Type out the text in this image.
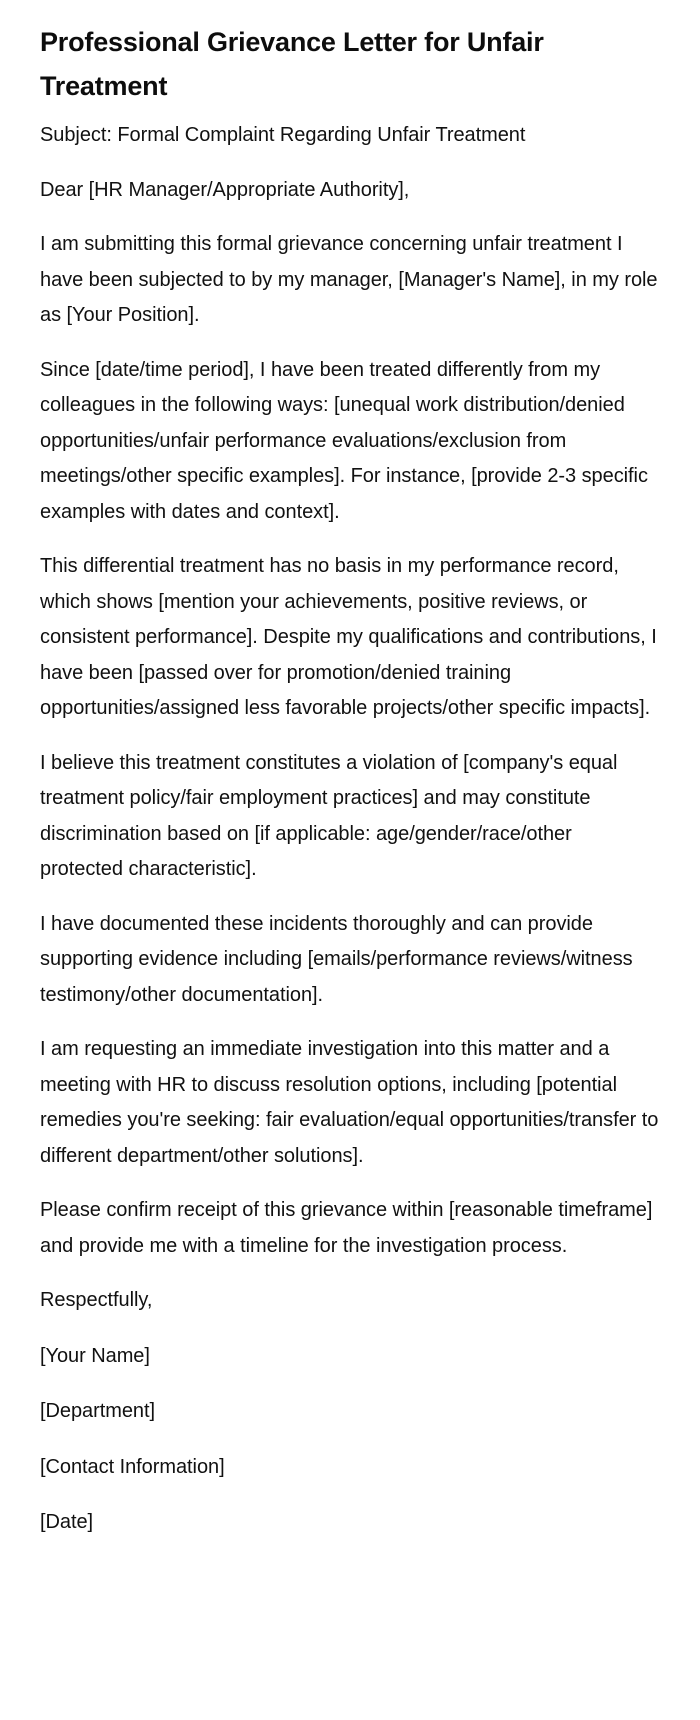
Professional Grievance Letter for Unfair Treatment

Subject: Formal Complaint Regarding Unfair Treatment

Dear [HR Manager/Appropriate Authority],

I am submitting this formal grievance concerning unfair treatment I have been subjected to by my manager, [Manager's Name], in my role as [Your Position].

Since [date/time period], I have been treated differently from my colleagues in the following ways: [unequal work distribution/denied opportunities/unfair performance evaluations/exclusion from meetings/other specific examples]. For instance, [provide 2-3 specific examples with dates and context].

This differential treatment has no basis in my performance record, which shows [mention your achievements, positive reviews, or consistent performance]. Despite my qualifications and contributions, I have been [passed over for promotion/denied training opportunities/assigned less favorable projects/other specific impacts].

I believe this treatment constitutes a violation of [company's equal treatment policy/fair employment practices] and may constitute discrimination based on [if applicable: age/gender/race/other protected characteristic].

I have documented these incidents thoroughly and can provide supporting evidence including [emails/performance reviews/witness testimony/other documentation].

I am requesting an immediate investigation into this matter and a meeting with HR to discuss resolution options, including [potential remedies you're seeking: fair evaluation/equal opportunities/transfer to different department/other solutions].

Please confirm receipt of this grievance within [reasonable timeframe] and provide me with a timeline for the investigation process.

Respectfully,

[Your Name]

[Department]

[Contact Information]

[Date]
